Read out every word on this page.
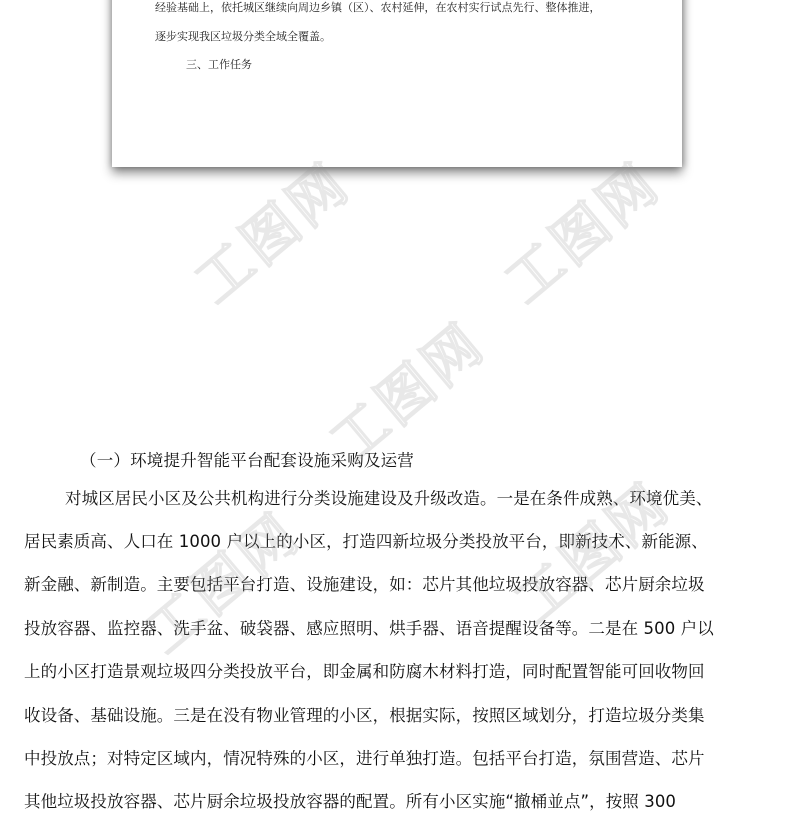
经验基础上，依托城区继续向周边乡镇（区）、农村延伸，在农村实行试点先行、整体推进，
逐步实现我区垃圾分类全域全覆盖。
三、工作任务
（一）环境提升智能平台配套设施采购及运营
对城区居民小区及公共机构进行分类设施建设及升级改造。一是在条件成熟、环境优美、
居民素质高、人口在 1000 户以上的小区，打造四新垃圾分类投放平台，即新技术、新能源、
新金融、新制造。主要包括平台打造、设施建设，如：芯片其他垃圾投放容器、芯片厨余垃圾
投放容器、监控器、洗手盆、破袋器、感应照明、烘手器、语音提醒设备等。二是在 500 户以
上的小区打造景观垃圾四分类投放平台，即金属和防腐木材料打造，同时配置智能可回收物回
收设备、基础设施。三是在没有物业管理的小区，根据实际，按照区域划分，打造垃圾分类集
中投放点；对特定区域内，情况特殊的小区，进行单独打造。包括平台打造，氛围营造、芯片
其他垃圾投放容器、芯片厨余垃圾投放容器的配置。所有小区实施“撤桶並点”，按照 300
工图网 工图网
工图网
工图网	工图网
